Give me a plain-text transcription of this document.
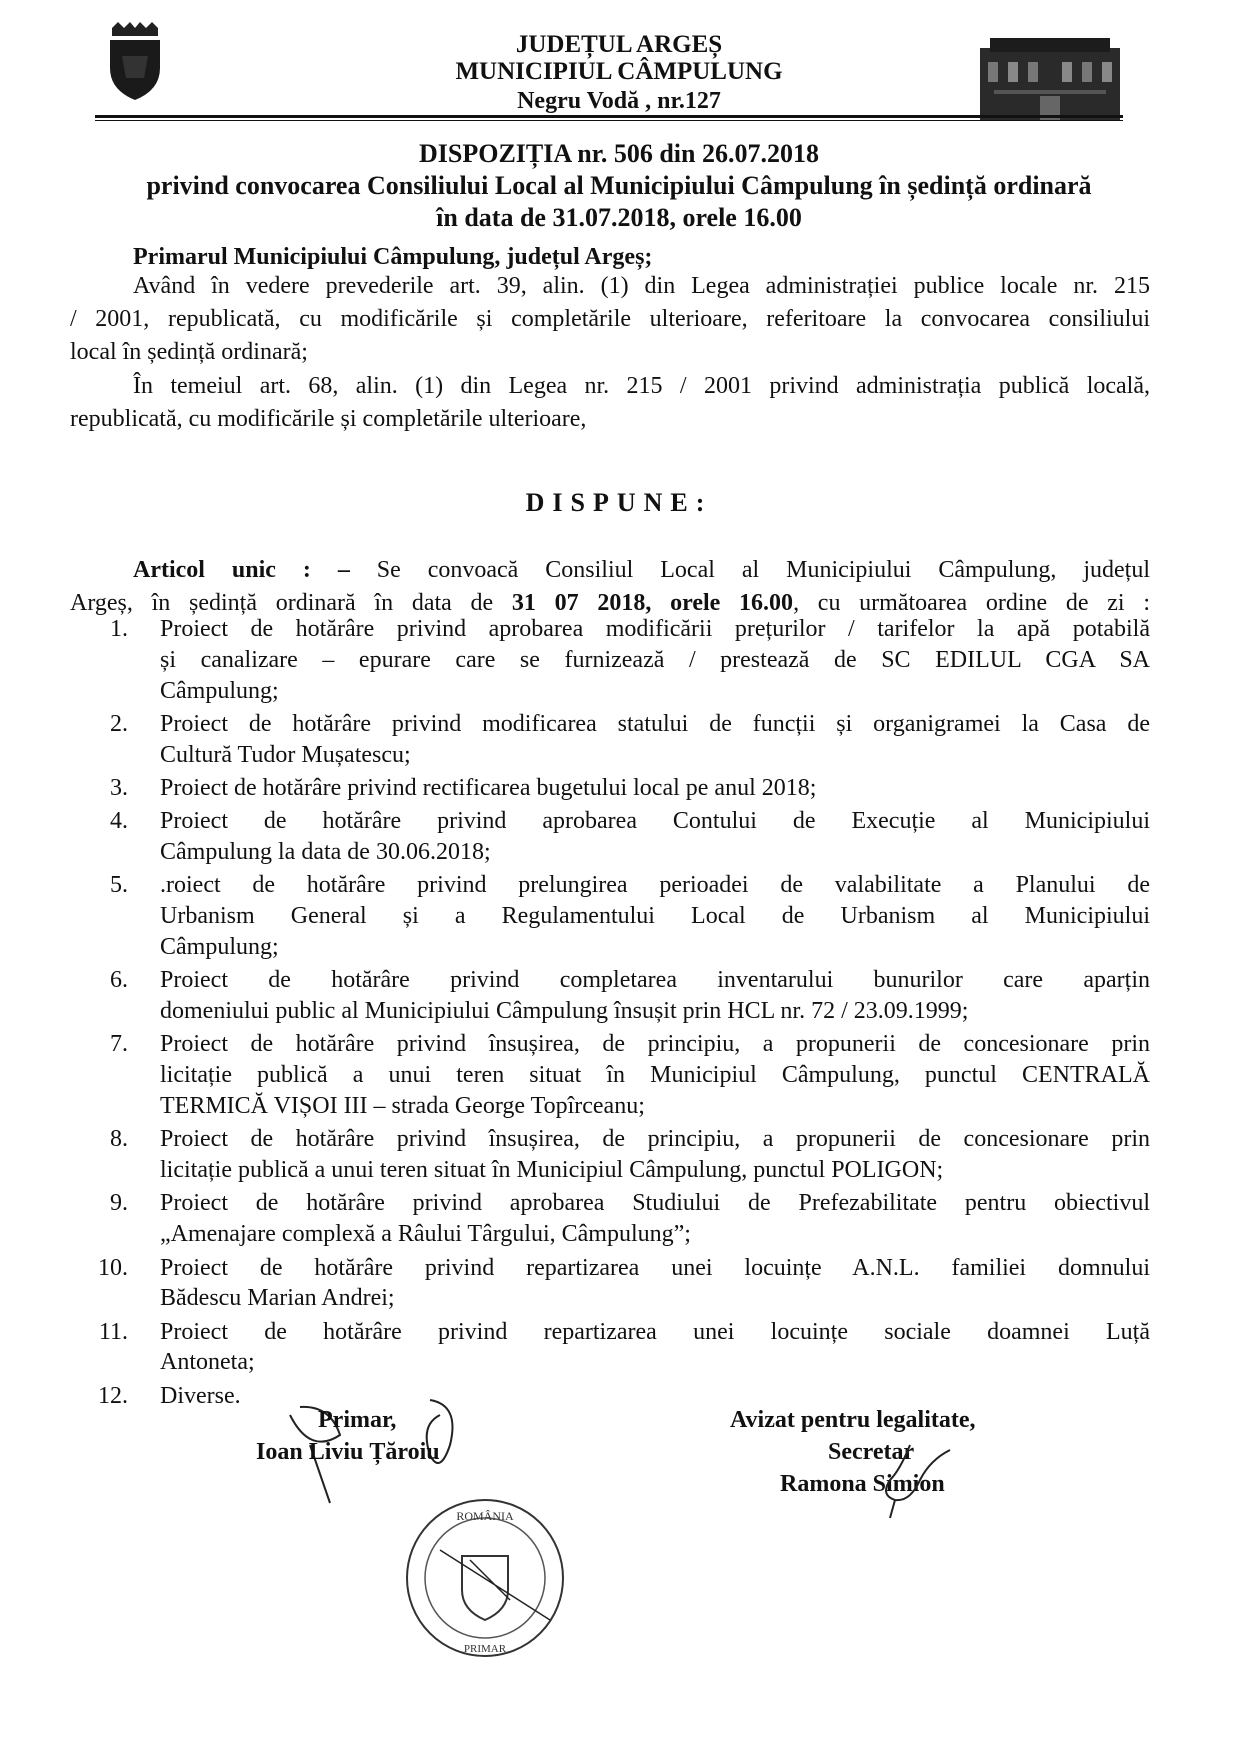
JUDEȚUL ARGEȘ
MUNICIPIUL CÂMPULUNG
Negru Vodă , nr.127
DISPOZIȚIA nr. 506 din 26.07.2018
privind convocarea Consiliului Local al Municipiului Câmpulung în ședință ordinară
în data de 31.07.2018, orele 16.00
Primarul Municipiului Câmpulung, județul Argeș;
Având în vedere prevederile art. 39, alin. (1) din Legea administrației publice locale nr. 215
/ 2001, republicată, cu modificările și completările ulterioare, referitoare la convocarea consiliului
local în ședință ordinară;
În temeiul art. 68, alin. (1) din Legea nr. 215 / 2001 privind administrația publică locală,
republicată, cu modificările și completările ulterioare,
DISPUNE:
Articol unic : – Se convoacă Consiliul Local al Municipiului Câmpulung, județul
Argeș, în ședință ordinară în data de 31 07 2018, orele 16.00, cu următoarea ordine de zi :
1. Proiect de hotărâre privind aprobarea modificării prețurilor / tarifelor la apă potabilă
și canalizare – epurare care se furnizează / prestează de SC EDILUL CGA SA
Câmpulung;
2. Proiect de hotărâre privind modificarea statului de funcții și organigramei la Casa de
Cultură Tudor Mușatescu;
3. Proiect de hotărâre privind rectificarea bugetului local pe anul 2018;
4. Proiect de hotărâre privind aprobarea Contului de Execuție al Municipiului
Câmpulung la data de 30.06.2018;
5. .roiect de hotărâre privind prelungirea perioadei de valabilitate a Planului de
Urbanism General și a Regulamentului Local de Urbanism al Municipiului
Câmpulung;
6. Proiect de hotărâre privind completarea inventarului bunurilor care aparțin
domeniului public al Municipiului Câmpulung însușit prin HCL nr. 72 / 23.09.1999;
7. Proiect de hotărâre privind însușirea, de principiu, a propunerii de concesionare prin
licitație publică a unui teren situat în Municipiul Câmpulung, punctul CENTRALĂ
TERMICĂ VIȘOI III – strada George Topîrceanu;
8. Proiect de hotărâre privind însușirea, de principiu, a propunerii de concesionare prin
licitație publică a unui teren situat în Municipiul Câmpulung, punctul POLIGON;
9. Proiect de hotărâre privind aprobarea Studiului de Prefezabilitate pentru obiectivul
„Amenajare complexă a Râului Târgului, Câmpulung”;
10. Proiect de hotărâre privind repartizarea unei locuințe A.N.L. familiei domnului
Bădescu Marian Andrei;
11. Proiect de hotărâre privind repartizarea unei locuințe sociale doamnei Luță
Antoneta;
12. Diverse.
Primar,
Ioan Liviu Țăroiu
Avizat pentru legalitate,
Secretar
Ramona Simion
ROMÂNIA
PRIMAR
